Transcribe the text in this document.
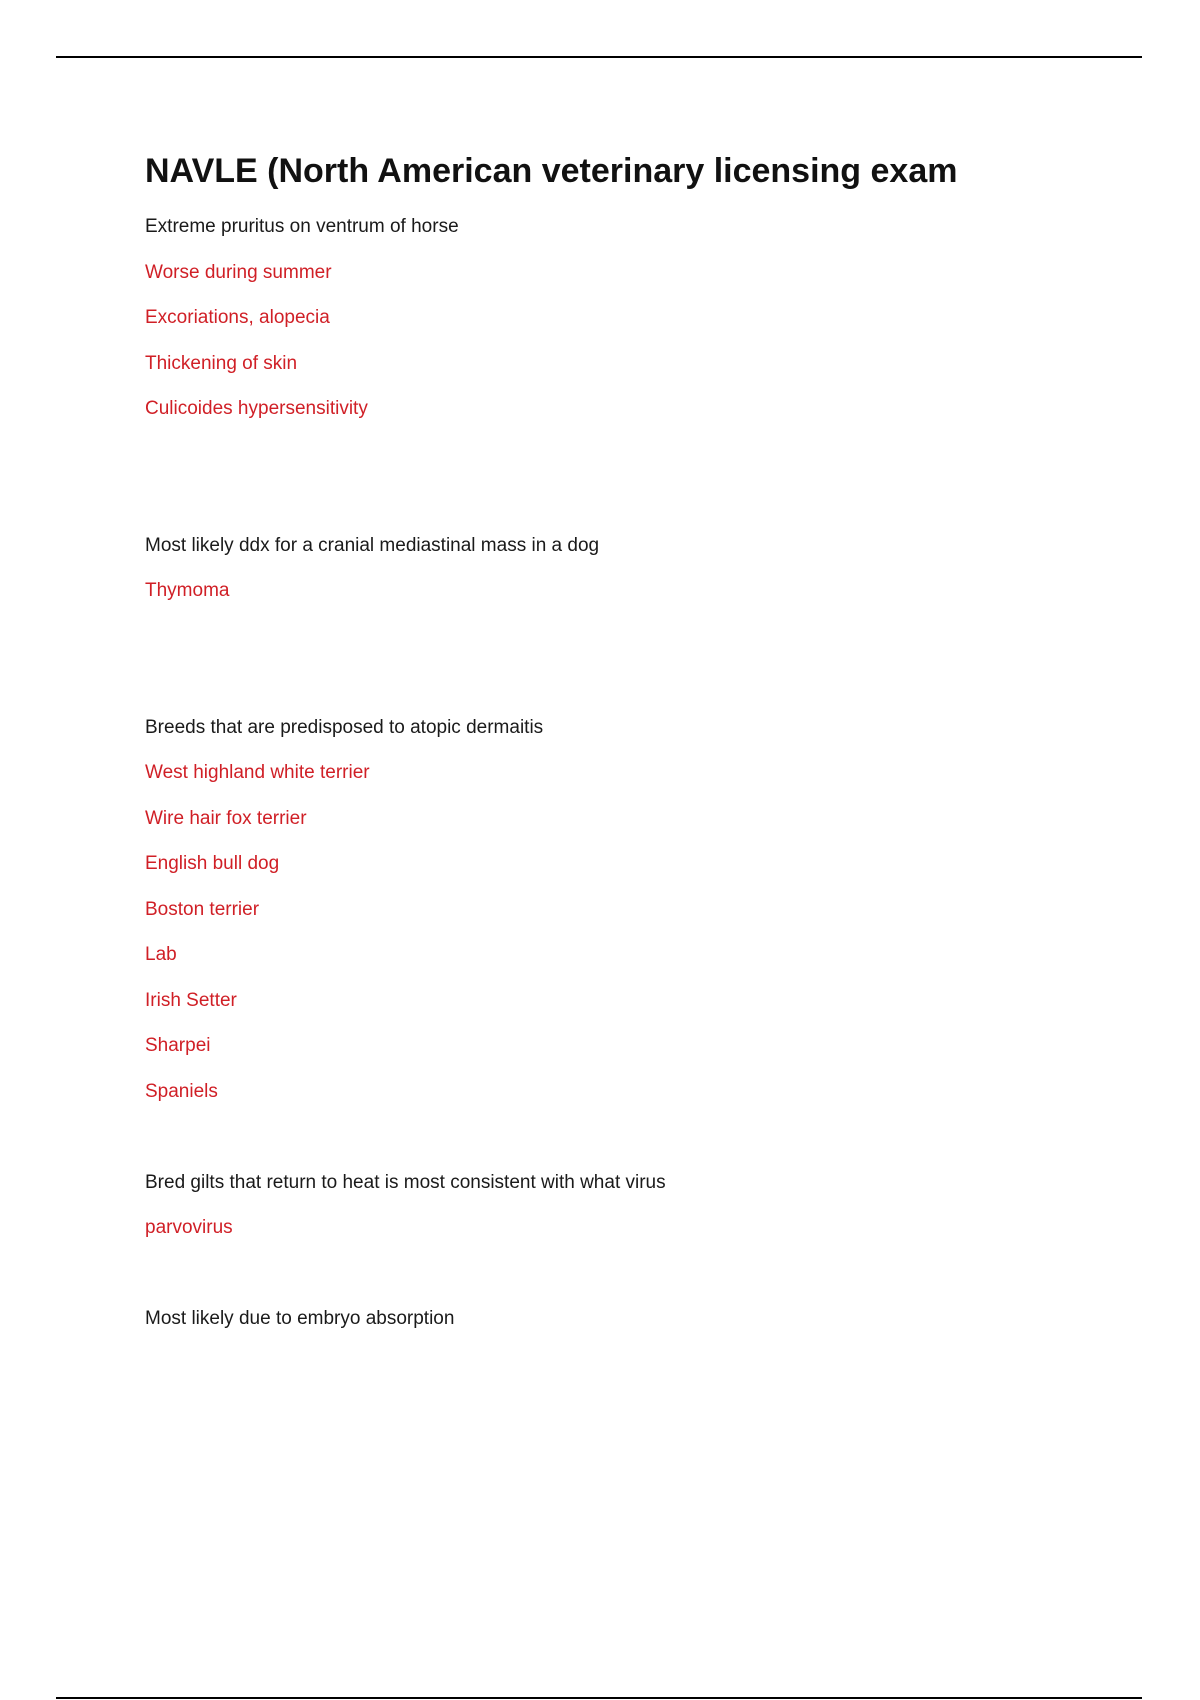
NAVLE (North American veterinary licensing exam
Extreme pruritus on ventrum of horse
Worse during summer
Excoriations, alopecia
Thickening of skin
Culicoides hypersensitivity
Most likely ddx for a cranial mediastinal mass in a dog
Thymoma
Breeds that are predisposed to atopic dermaitis
West highland white terrier
Wire hair fox terrier
English bull dog
Boston terrier
Lab
Irish Setter
Sharpei
Spaniels
Bred gilts that return to heat is most consistent with what virus
parvovirus
Most likely due to embryo absorption
